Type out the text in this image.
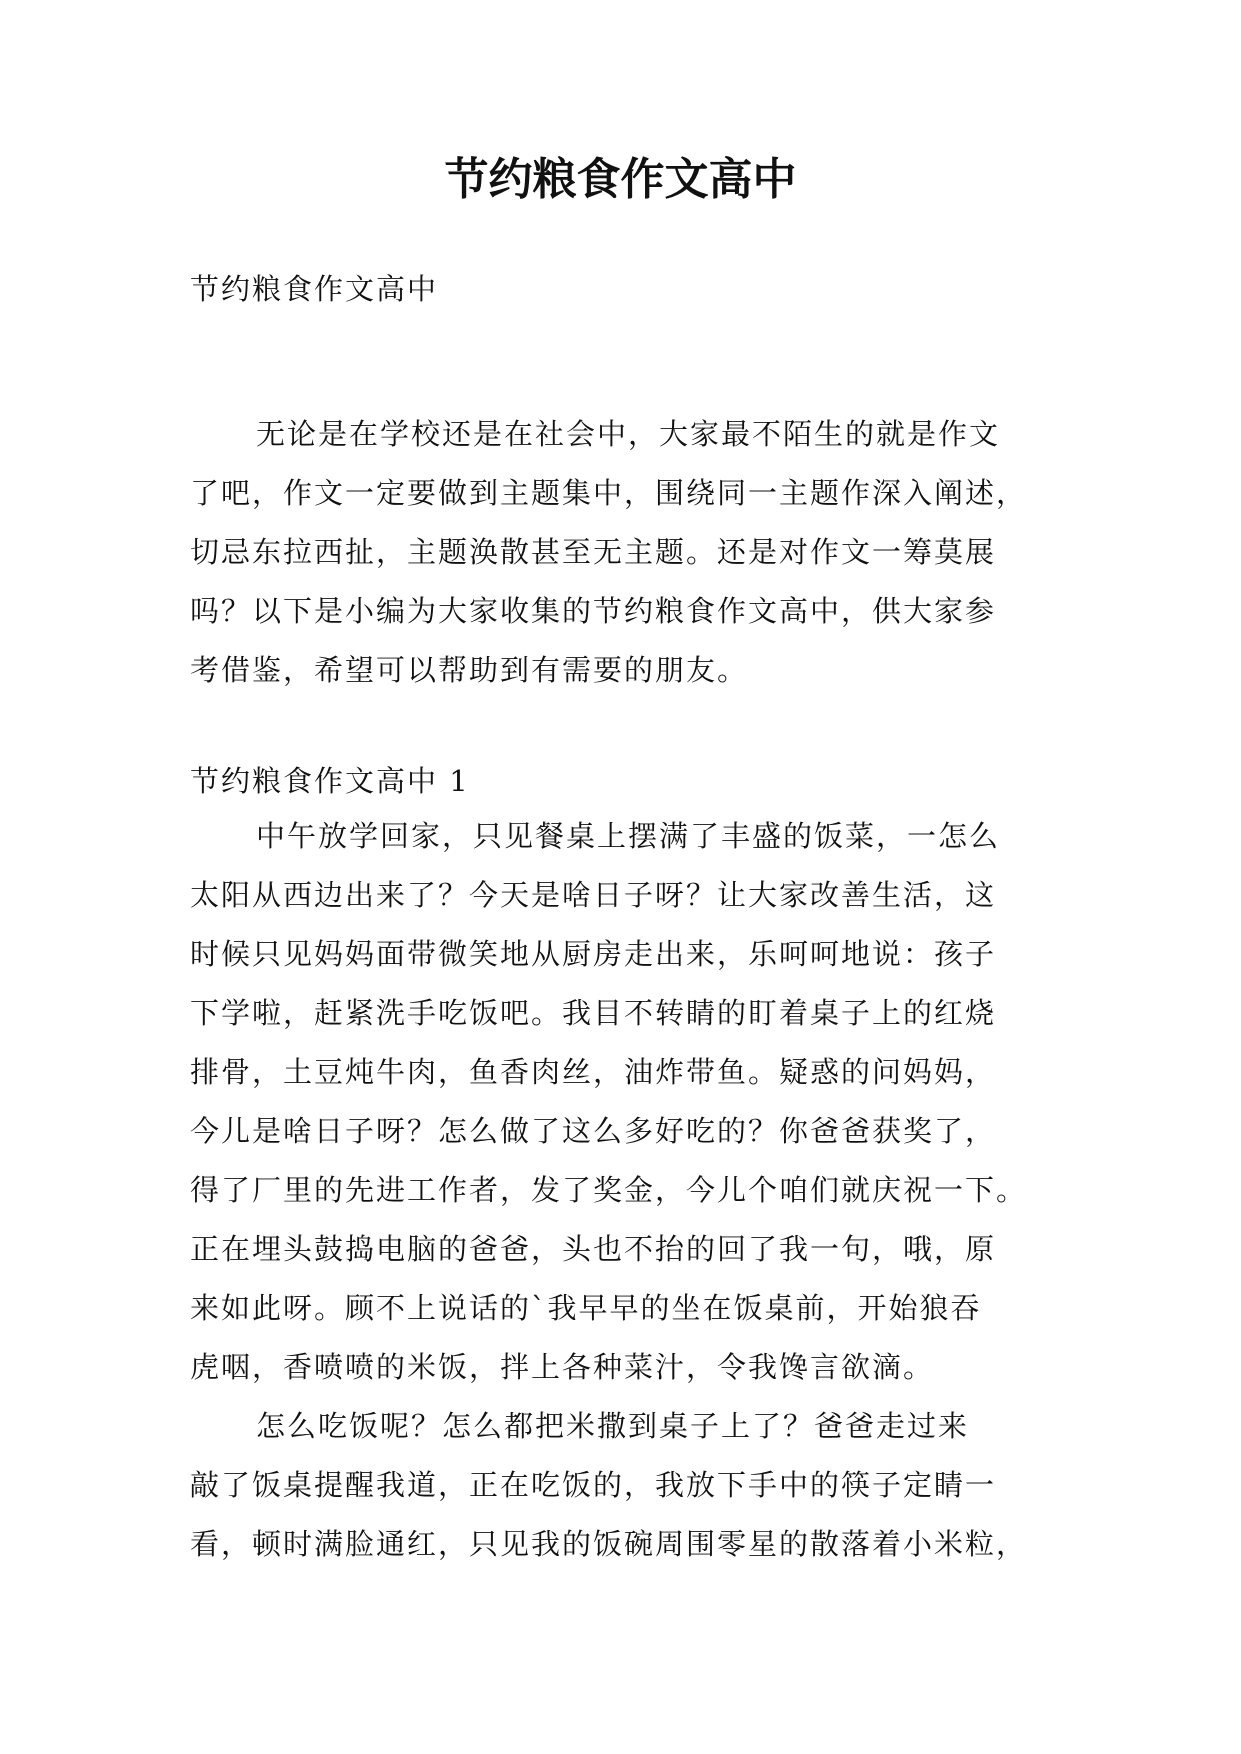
节约粮食作文高中
节约粮食作文高中
无论是在学校还是在社会中，大家最不陌生的就是作文
了吧，作文一定要做到主题集中，围绕同一主题作深入阐述，
切忌东拉西扯，主题涣散甚至无主题。还是对作文一筹莫展
吗？以下是小编为大家收集的节约粮食作文高中，供大家参
考借鉴，希望可以帮助到有需要的朋友。
节约粮食作文高中 1
中午放学回家，只见餐桌上摆满了丰盛的饭菜，一怎么
太阳从西边出来了？今天是啥日子呀？让大家改善生活，这
时候只见妈妈面带微笑地从厨房走出来，乐呵呵地说：孩子
下学啦，赶紧洗手吃饭吧。我目不转睛的盯着桌子上的红烧
排骨，土豆炖牛肉，鱼香肉丝，油炸带鱼。疑惑的问妈妈，
今儿是啥日子呀？怎么做了这么多好吃的？你爸爸获奖了，
得了厂里的先进工作者，发了奖金，今儿个咱们就庆祝一下。
正在埋头鼓捣电脑的爸爸，头也不抬的回了我一句，哦，原
来如此呀。顾不上说话的`我早早的坐在饭桌前，开始狼吞
虎咽，香喷喷的米饭，拌上各种菜汁，令我馋言欲滴。
怎么吃饭呢？怎么都把米撒到桌子上了？爸爸走过来
敲了饭桌提醒我道，正在吃饭的，我放下手中的筷子定睛一
看，顿时满脸通红，只见我的饭碗周围零星的散落着小米粒，
